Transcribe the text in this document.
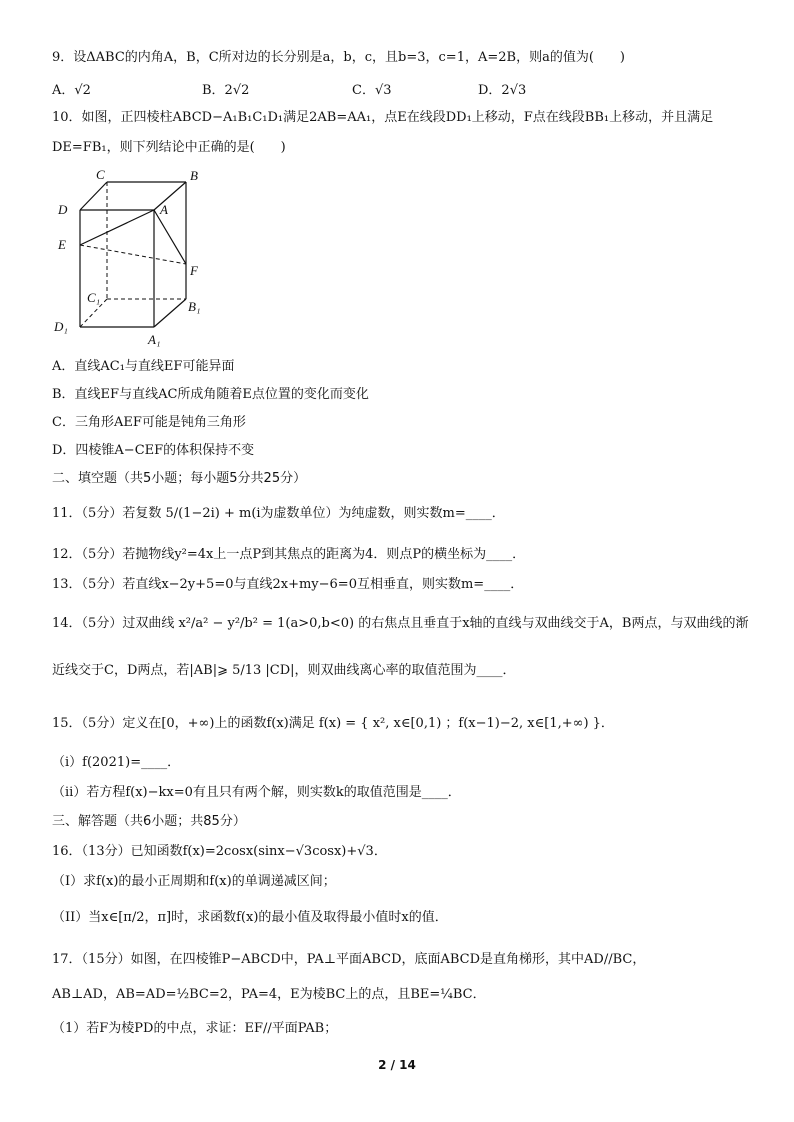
9．设ΔABC的内角A，B，C所对边的长分别是a，b，c，且b=3，c=1，A=2B，则a的值为(　　)
A．√2	B．2√2	C．√3	D．2√3
10．如图，正四棱柱ABCD−A₁B₁C₁D₁满足2AB=AA₁，点E在线段DD₁上移动，F点在线段BB₁上移动，并且满足
DE=FB₁，则下列结论中正确的是(　　)
C	B
D	A
E
F
C₁
B₁
D₁
A₁
A．直线AC₁与直线EF可能异面
B．直线EF与直线AC所成角随着E点位置的变化而变化
C．三角形AEF可能是钝角三角形
D．四棱锥A−CEF的体积保持不变
二、填空题（共5小题；每小题5分共25分）
11．（5分）若复数 5/(1−2i) + m(i为虚数单位）为纯虚数，则实数m=____．
12．（5分）若抛物线y²=4x上一点P到其焦点的距离为4．则点P的横坐标为____．
13．（5分）若直线x−2y+5=0与直线2x+my−6=0互相垂直，则实数m=____．
14．（5分）过双曲线 x²/a² − y²/b² = 1(a>0,b<0) 的右焦点且垂直于x轴的直线与双曲线交于A，B两点，与双曲线的渐
近线交于C，D两点，若|AB|⩾ 5/13 |CD|，则双曲线离心率的取值范围为____．
15．（5分）定义在[0，+∞)上的函数f(x)满足 f(x) = { x², x∈[0,1) ；f(x−1)−2, x∈[1,+∞) }．
（i）f(2021)=____．
（ii）若方程f(x)−kx=0有且只有两个解，则实数k的取值范围是____．
三、解答题（共6小题；共85分）
16．（13分）已知函数f(x)=2cosx(sinx−√3cosx)+√3．
（I）求f(x)的最小正周期和f(x)的单调递减区间；
（II）当x∈[π/2，π]时，求函数f(x)的最小值及取得最小值时x的值．
17．（15分）如图，在四棱锥P−ABCD中，PA⊥平面ABCD，底面ABCD是直角梯形，其中AD//BC，
AB⊥AD，AB=AD=½BC=2，PA=4，E为棱BC上的点，且BE=¼BC．
（1）若F为棱PD的中点，求证：EF//平面PAB；
2 / 14
